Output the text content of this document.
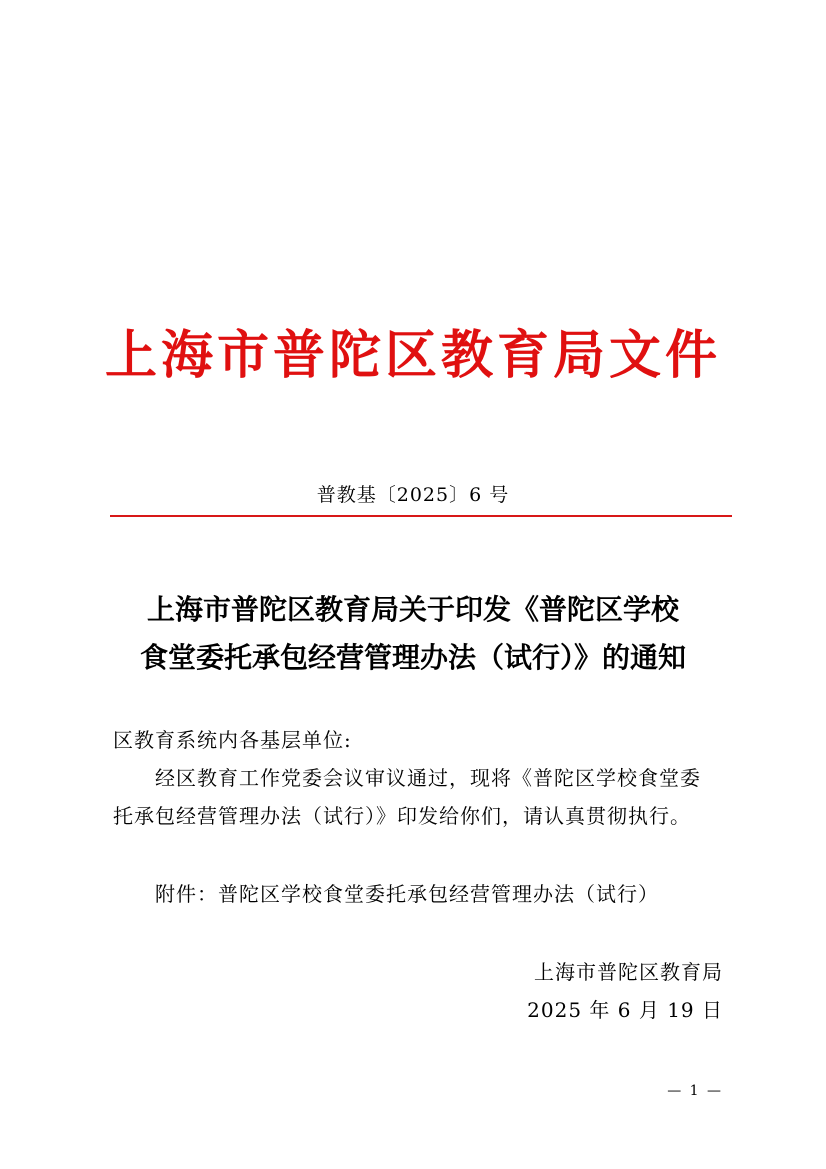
上海市普陀区教育局文件
普教基〔2025〕6 号
上海市普陀区教育局关于印发《普陀区学校
食堂委托承包经营管理办法（试行）》的通知
区教育系统内各基层单位:
经区教育工作党委会议审议通过，现将《普陀区学校食堂委
托承包经营管理办法（试行）》印发给你们，请认真贯彻执行。
附件：普陀区学校食堂委托承包经营管理办法（试行）
上海市普陀区教育局
2025 年 6 月 19 日
— 1 —
